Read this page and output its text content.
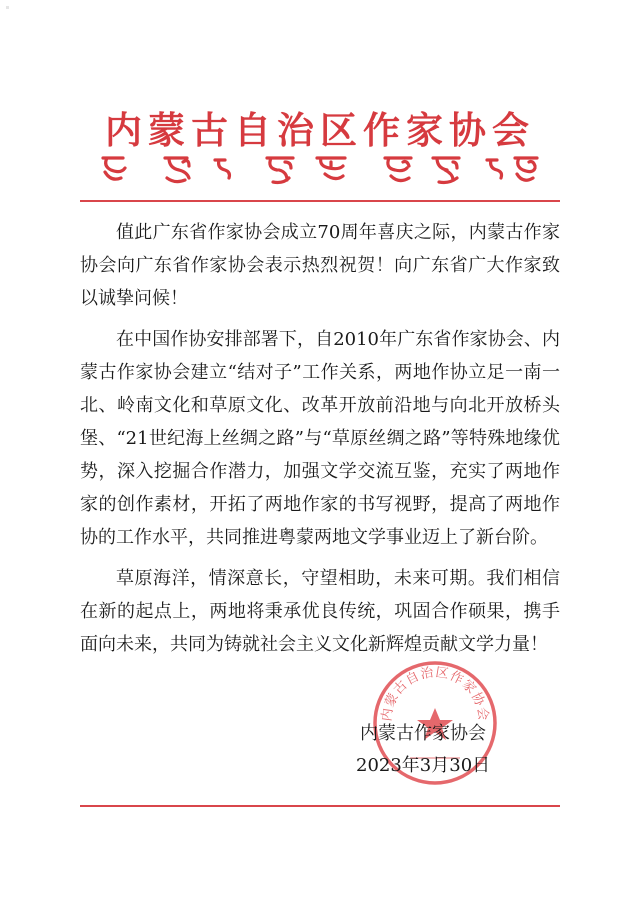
内蒙古自治区作家协会

值此广东省作家协会成立70周年喜庆之际，内蒙古作家协会向广东省作家协会表示热烈祝贺！向广东省广大作家致以诚挚问候！

在中国作协安排部署下，自2010年广东省作家协会、内蒙古作家协会建立“结对子”工作关系，两地作协立足一南一北、岭南文化和草原文化、改革开放前沿地与向北开放桥头堡、“21世纪海上丝绸之路”与“草原丝绸之路”等特殊地缘优势，深入挖掘合作潜力，加强文学交流互鉴，充实了两地作家的创作素材，开拓了两地作家的书写视野，提高了两地作协的工作水平，共同推进粤蒙两地文学事业迈上了新台阶。

草原海洋，情深意长，守望相助，未来可期。我们相信在新的起点上，两地将秉承优良传统，巩固合作硕果，携手面向未来，共同为铸就社会主义文化新辉煌贡献文学力量！

内蒙古自治区作家协会
内蒙古作家协会
2023年3月30日
